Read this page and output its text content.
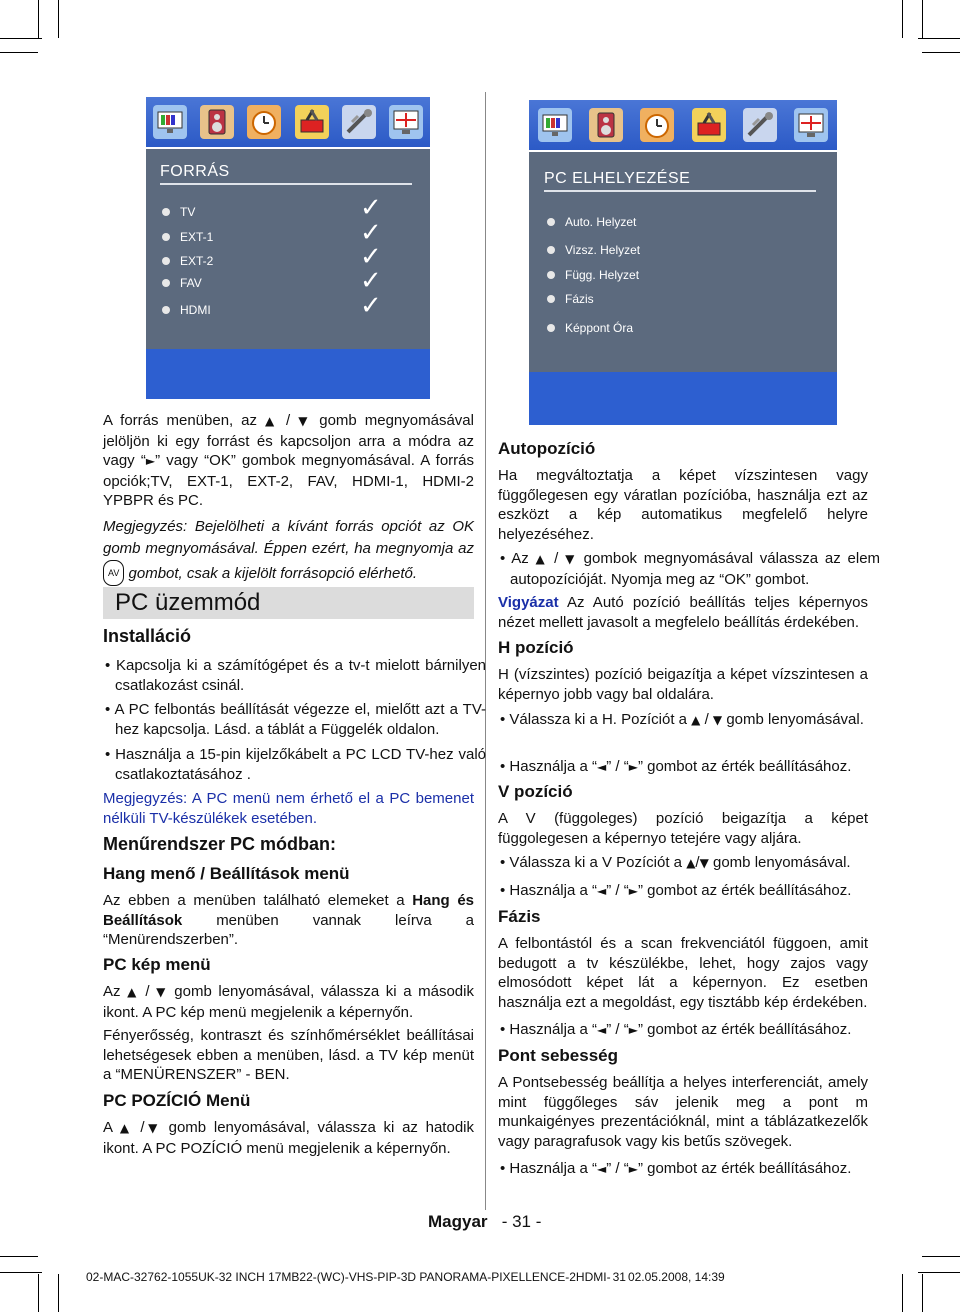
FORRÁS
TV
EXT-1
EXT-2
FAV
HDMI
✓
✓
✓
✓
✓
PC ELHELYEZÉSE
Auto. Helyzet
Vizsz. Helyzet
Függ. Helyzet
Fázis
Képpont Óra

A forrás menüben, az ▲ / ▼ gomb megnyomásával jelöljön ki egy forrást és kapcsoljon arra a módra az vagy “►” vagy “OK” gombok megnyomásával. A forrás opciók;TV, EXT-1, EXT-2, FAV, HDMI-1, HDMI-2 YPBPR és PC.

Megjegyzés: Bejelölheti a kívánt forrás opciót az OK gomb megnyomásával. Éppen ezért, ha megnyomja az AV gombot, csak a kijelölt forrásopció elérhető.

PC üzemmód
Installáció

• Kapcsolja ki a számítógépet és a tv-t mielott bárnilyen csatlakozást csinál.

• A PC felbontás beállítását végezze el, mielőtt azt a TV-hez kapcsolja. Lásd. a táblát a Függelék oldalon.

• Használja a 15-pin kijelzőkábelt a PC LCD TV-hez való csatlakoztatásához .

Megjegyzés: A PC menü nem érhető el a PC bemenet nélküli TV-készülékek esetében.

Menűrendszer PC módban:
Hang menő / Beállítások menü

Az ebben a menüben található elemeket a Hang és Beállítások menüben vannak leírva a “Menürendszerben”.

PC kép menü

Az ▲ / ▼ gomb lenyomásával, válassza ki a második ikont. A PC kép menü megjelenik a képernyőn.

Fényerősség, kontraszt és színhőmérséklet beállításai lehetségesek ebben a menüben, lásd. a TV kép menüt a “MENÜRENSZER” - BEN.

PC POZÍCIÓ Menü

A ▲ /▼ gomb lenyomásával, válassza ki az hatodik ikont. A PC POZÍCIÓ menü megjelenik a képernyőn.

Autopozíció

Ha megváltoztatja a képet vízszintesen vagy függőlegesen egy váratlan pozícióba, használja ezt az eszközt a kép automatikus megfelelő helyre helyezéséhez.

• Az ▲ / ▼ gombok megnyomásával válassza az elem autopozícióját. Nyomja meg az “OK” gombot.

Vigyázat Az Autó pozíció beállítás teljes képernyos nézet mellett javasolt a megfelelo beállítás érdekében.

H pozíció

H (vízszintes) pozíció beigazítja a képet vízszintesen a képernyo jobb vagy bal oldalára.

• Válassza ki a H. Pozíciót a ▲ / ▼ gomb lenyomásával.

• Használja a “◄” / “►” gombot az érték beállításához.

V pozíció

A V (függoleges) pozíció beigazítja a képet függolegesen a képernyo tetejére vagy aljára.

• Válassza ki a V Pozíciót a ▲/▼ gomb lenyomásával.

• Használja a “◄” / “►” gombot az érték beállításához.

Fázis

A felbontástól és a scan frekvenciától függoen, amit bedugott a tv készülékbe, lehet, hogy zajos vagy elmosódott képet lát a képernyon. Ez esetben használja ezt a megoldást, egy tisztább kép érdekében.

• Használja a “◄” / “►” gombot az érték beállításához.

Pont sebesség

A Pontsebesség beállítja a helyes interferenciát, amely mint függőleges sáv jelenik meg a pont m munkaigényes prezentációknál, mint a táblázatkezelők vagy paragrafusok vagy kis betűs szövegek.

• Használja a “◄” / “►” gombot az érték beállításához.

Magyar - 31 -
02-MAC-32762-1055UK-32 INCH 17MB22-(WC)-VHS-PIP-3D PANORAMA-PIXELLENCE-2HDMI- 31 02.05.2008, 14:39
